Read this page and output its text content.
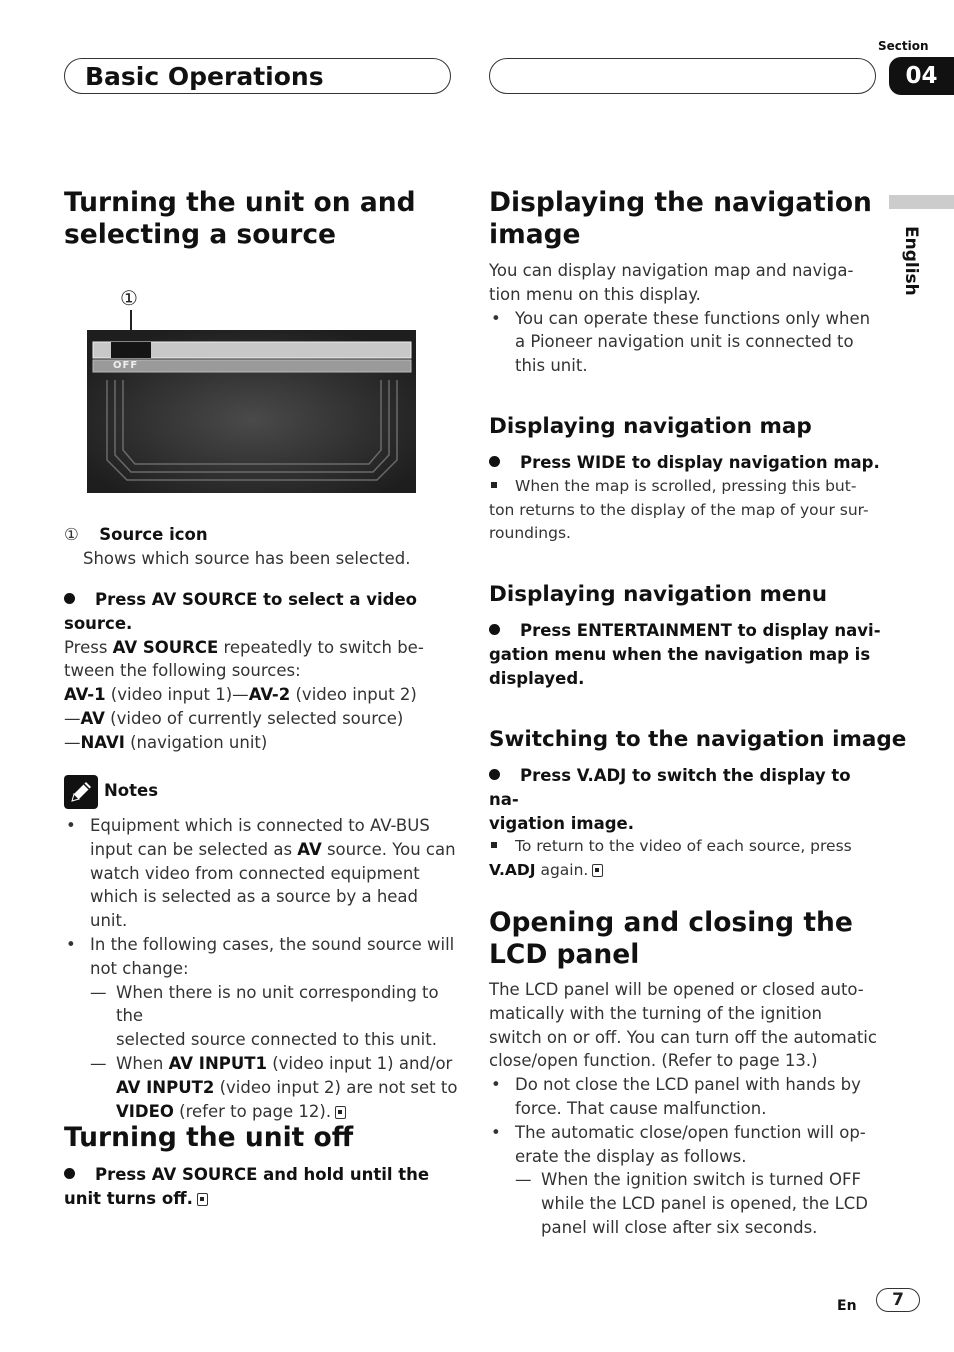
Basic Operations
Section
04
English
Turning the unit on and
selecting a source
①
OFF
① Source icon
Shows which source has been selected.
Press AV SOURCE to select a video
source.
Press AV SOURCE repeatedly to switch be-
tween the following sources:
AV-1 (video input 1)—AV-2 (video input 2)
—AV (video of currently selected source)
—NAVI (navigation unit)
Notes
• Equipment which is connected to AV-BUS
input can be selected as AV source. You can
watch video from connected equipment
which is selected as a source by a head unit.
• In the following cases, the sound source will
not change:
— When there is no unit corresponding to the
selected source connected to this unit.
— When AV INPUT1 (video input 1) and/or
AV INPUT2 (video input 2) are not set to
VIDEO (refer to page 12).
Turning the unit off
Press AV SOURCE and hold until the
unit turns off.
Displaying the navigation
image
You can display navigation map and naviga-
tion menu on this display.
• You can operate these functions only when
a Pioneer navigation unit is connected to
this unit.
Displaying navigation map
Press WIDE to display navigation map.
When the map is scrolled, pressing this but-
ton returns to the display of the map of your sur-
roundings.
Displaying navigation menu
Press ENTERTAINMENT to display navi-
gation menu when the navigation map is
displayed.
Switching to the navigation image
Press V.ADJ to switch the display to na-
vigation image.
To return to the video of each source, press
V.ADJ again.
Opening and closing the
LCD panel
The LCD panel will be opened or closed auto-
matically with the turning of the ignition
switch on or off. You can turn off the automatic
close/open function. (Refer to page 13.)
• Do not close the LCD panel with hands by
force. That cause malfunction.
• The automatic close/open function will op-
erate the display as follows.
— When the ignition switch is turned OFF
while the LCD panel is opened, the LCD
panel will close after six seconds.
En	7
